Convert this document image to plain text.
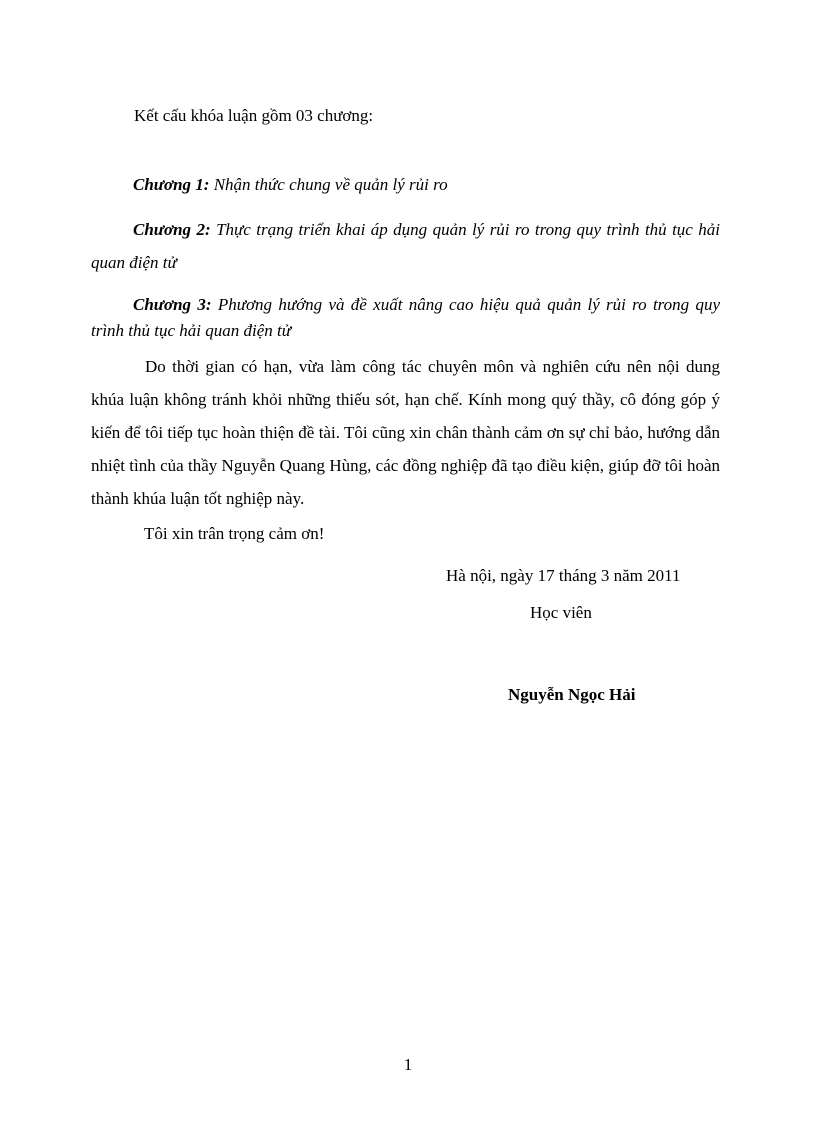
Kết cấu khóa luận gồm 03 chương:

Chương 1: Nhận thức chung về quản lý rủi ro

Chương 2: Thực trạng triển khai áp dụng quản lý rủi ro trong quy trình thủ tục hải quan điện tử

Chương 3: Phương hướng và đề xuất nâng cao hiệu quả quản lý rủi ro trong quy trình thủ tục hải quan điện tử

Do thời gian có hạn, vừa làm công tác chuyên môn và nghiên cứu nên nội dung khúa luận không tránh khỏi những thiếu sót, hạn chế. Kính mong quý thầy, cô đóng góp ý kiến để tôi tiếp tục hoàn thiện đề tài. Tôi cũng xin chân thành cảm ơn sự chỉ bảo, hướng dẫn nhiệt tình của thầy Nguyễn Quang Hùng, các đồng nghiệp đã tạo điều kiện, giúp đỡ tôi hoàn thành khúa luận tốt nghiệp này.

Tôi xin trân trọng cảm ơn!

Hà nội, ngày 17 tháng 3 năm 2011

Học viên

Nguyễn Ngọc Hải

1
